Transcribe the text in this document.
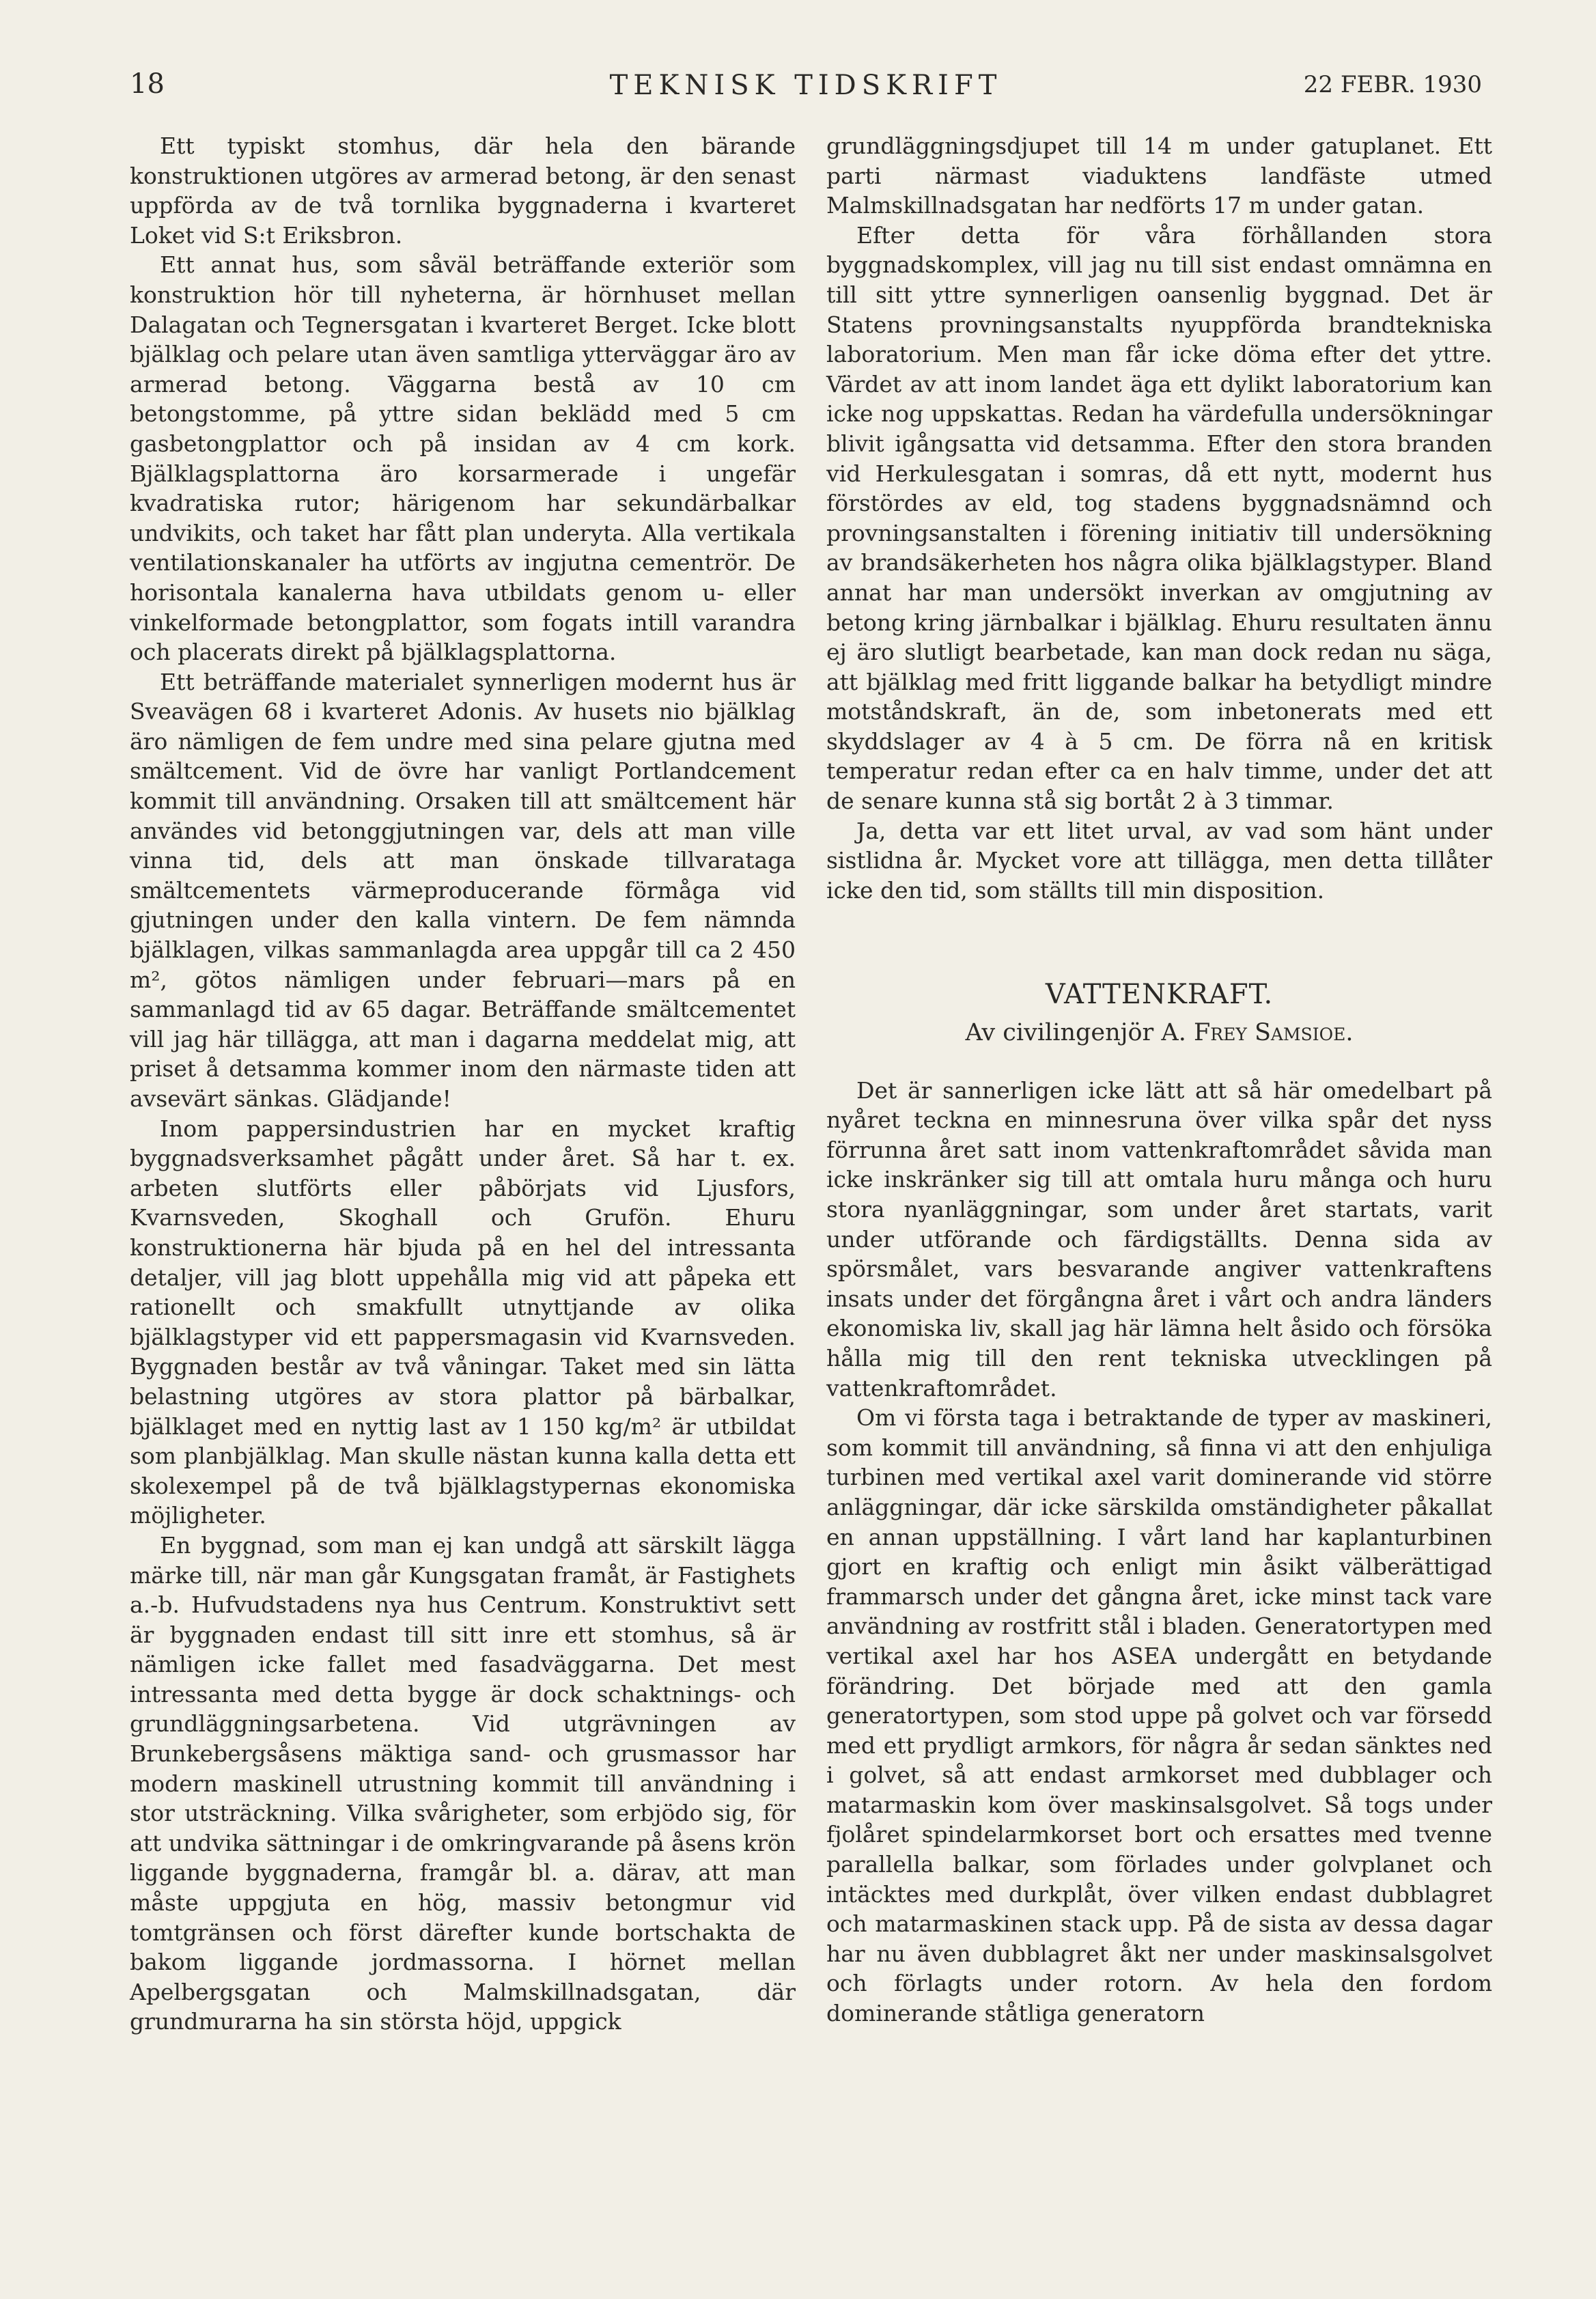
18	TEKNISK TIDSKRIFT	22 FEBR. 1930

Ett typiskt stomhus, där hela den bärande konstruktionen utgöres av armerad betong, är den senast uppförda av de två tornlika byggnaderna i kvarteret Loket vid S:t Eriksbron.

Ett annat hus, som såväl beträffande exteriör som konstruktion hör till nyheterna, är hörnhuset mellan Dalagatan och Tegnersgatan i kvarteret Berget. Icke blott bjälklag och pelare utan även samtliga ytterväggar äro av armerad betong. Väggarna bestå av 10 cm betongstomme, på yttre sidan beklädd med 5 cm gasbetongplattor och på insidan av 4 cm kork. Bjälklagsplattorna äro korsarmerade i ungefär kvadratiska rutor; härigenom har sekundärbalkar undvikits, och taket har fått plan underyta. Alla vertikala ventilationskanaler ha utförts av ingjutna cementrör. De horisontala kanalerna hava utbildats genom u- eller vinkelformade betongplattor, som fogats intill varandra och placerats direkt på bjälklagsplattorna.

Ett beträffande materialet synnerligen modernt hus är Sveavägen 68 i kvarteret Adonis. Av husets nio bjälklag äro nämligen de fem undre med sina pelare gjutna med smältcement. Vid de övre har vanligt Portlandcement kommit till användning. Orsaken till att smältcement här användes vid betonggjutningen var, dels att man ville vinna tid, dels att man önskade tillvaratagа smältcementets värmeproducerande förmåga vid gjutningen under den kalla vintern. De fem nämnda bjälklagen, vilkas sammanlagda area uppgår till ca 2 450 m², götos nämligen under februari—mars på en sammanlagd tid av 65 dagar. Beträffande smältcementet vill jag här tillägga, att man i dagarna meddelat mig, att priset å detsamma kommer inom den närmaste tiden att avsevärt sänkas. Glädjande!

Inom pappersindustrien har en mycket kraftig byggnadsverksamhet pågått under året. Så har t. ex. arbeten slutförts eller påbörjats vid Ljusfors, Kvarnsveden, Skoghall och Grufön. Ehuru konstruktionerna här bjuda på en hel del intressanta detaljer, vill jag blott uppehålla mig vid att påpeka ett rationellt och smakfullt utnyttjande av olika bjälklagstyper vid ett pappersmagasin vid Kvarnsveden. Byggnaden består av två våningar. Taket med sin lätta belastning utgöres av stora plattor på bärbalkar, bjälklaget med en nyttig last av 1 150 kg/m² är utbildat som planbjälklag. Man skulle nästan kunna kalla detta ett skolexempel på de två bjälklagstypernas ekonomiska möjligheter.

En byggnad, som man ej kan undgå att särskilt lägga märke till, när man går Kungsgatan framåt, är Fastighets a.-b. Hufvudstadens nya hus Centrum. Konstruktivt sett är byggnaden endast till sitt inre ett stomhus, så är nämligen icke fallet med fasadväggarna. Det mest intressanta med detta bygge är dock schaktnings- och grundläggningsarbetena. Vid utgrävningen av Brunkebergsåsens mäktiga sand- och grusmassor har modern maskinell utrustning kommit till användning i stor utsträckning. Vilka svårigheter, som erbjödo sig, för att undvika sättningar i de omkringvarande på åsens krön liggande byggnaderna, framgår bl. a. därav, att man måste uppgjuta en hög, massiv betongmur vid tomtgränsen och först därefter kunde bortschakta de bakom liggande jordmassorna. I hörnet mellan Apelbergsgatan och Malmskillnadsgatan, där grundmurarna ha sin största höjd, uppgick

grundläggningsdjupet till 14 m under gatuplanet. Ett parti närmast viaduktens landfäste utmed Malmskillnadsgatan har nedförts 17 m under gatan.

Efter detta för våra förhållanden stora byggnadskomplex, vill jag nu till sist endast omnämna en till sitt yttre synnerligen oansenlig byggnad. Det är Statens provningsanstalts nyuppförda brandtekniska laboratorium. Men man får icke döma efter det yttre. Värdet av att inom landet äga ett dylikt laboratorium kan icke nog uppskattas. Redan ha värdefulla undersökningar blivit igångsatta vid detsamma. Efter den stora branden vid Herkulesgatan i somras, då ett nytt, modernt hus förstördes av eld, tog stadens byggnadsnämnd och provningsanstalten i förening initiativ till undersökning av brandsäkerheten hos några olika bjälklagstyper. Bland annat har man undersökt inverkan av omgjutning av betong kring järnbalkar i bjälklag. Ehuru resultaten ännu ej äro slutligt bearbetade, kan man dock redan nu säga, att bjälklag med fritt liggande balkar ha betydligt mindre motståndskraft, än de, som inbetonerats med ett skyddslager av 4 à 5 cm. De förra nå en kritisk temperatur redan efter ca en halv timme, under det att de senare kunna stå sig bortåt 2 à 3 timmar.

Ja, detta var ett litet urval, av vad som hänt under sistlidna år. Mycket vore att tillägga, men detta tillåter icke den tid, som ställts till min disposition.

VATTENKRAFT.
Av civilingenjör A. Frey Samsioe.

Det är sannerligen icke lätt att så här omedelbart på nyåret teckna en minnesruna över vilka spår det nyss förrunna året satt inom vattenkraftområdet såvida man icke inskränker sig till att omtala huru många och huru stora nyanläggningar, som under året startats, varit under utförande och färdigställts. Denna sida av spörsmålet, vars besvarande angiver vattenkraftens insats under det förgångna året i vårt och andra länders ekonomiska liv, skall jag här lämna helt åsido och försöka hålla mig till den rent tekniska utvecklingen på vattenkraftområdet.

Om vi första taga i betraktande de typer av maskineri, som kommit till användning, så finna vi att den enhjuliga turbinen med vertikal axel varit dominerande vid större anläggningar, där icke särskilda omständigheter påkallat en annan uppställning. I vårt land har kaplanturbinen gjort en kraftig och enligt min åsikt välberättigad frammarsch under det gångna året, icke minst tack vare användning av rostfritt stål i bladen. Generatortypen med vertikal axel har hos ASEA undergått en betydande förändring. Det började med att den gamla generatortypen, som stod uppe på golvet och var försedd med ett prydligt armkors, för några år sedan sänktes ned i golvet, så att endast armkorset med dubblager och matarmaskin kom över maskinsalsgolvet. Så togs under fjolåret spindelarmkorset bort och ersattes med tvenne parallella balkar, som förlades under golvplanet och intäcktes med durkplåt, över vilken endast dubblagret och matarmaskinen stack upp. På de sista av dessa dagar har nu även dubblagret åkt ner under maskinsalsgolvet och förlagts under rotorn. Av hela den fordom dominerande ståtliga generatorn
